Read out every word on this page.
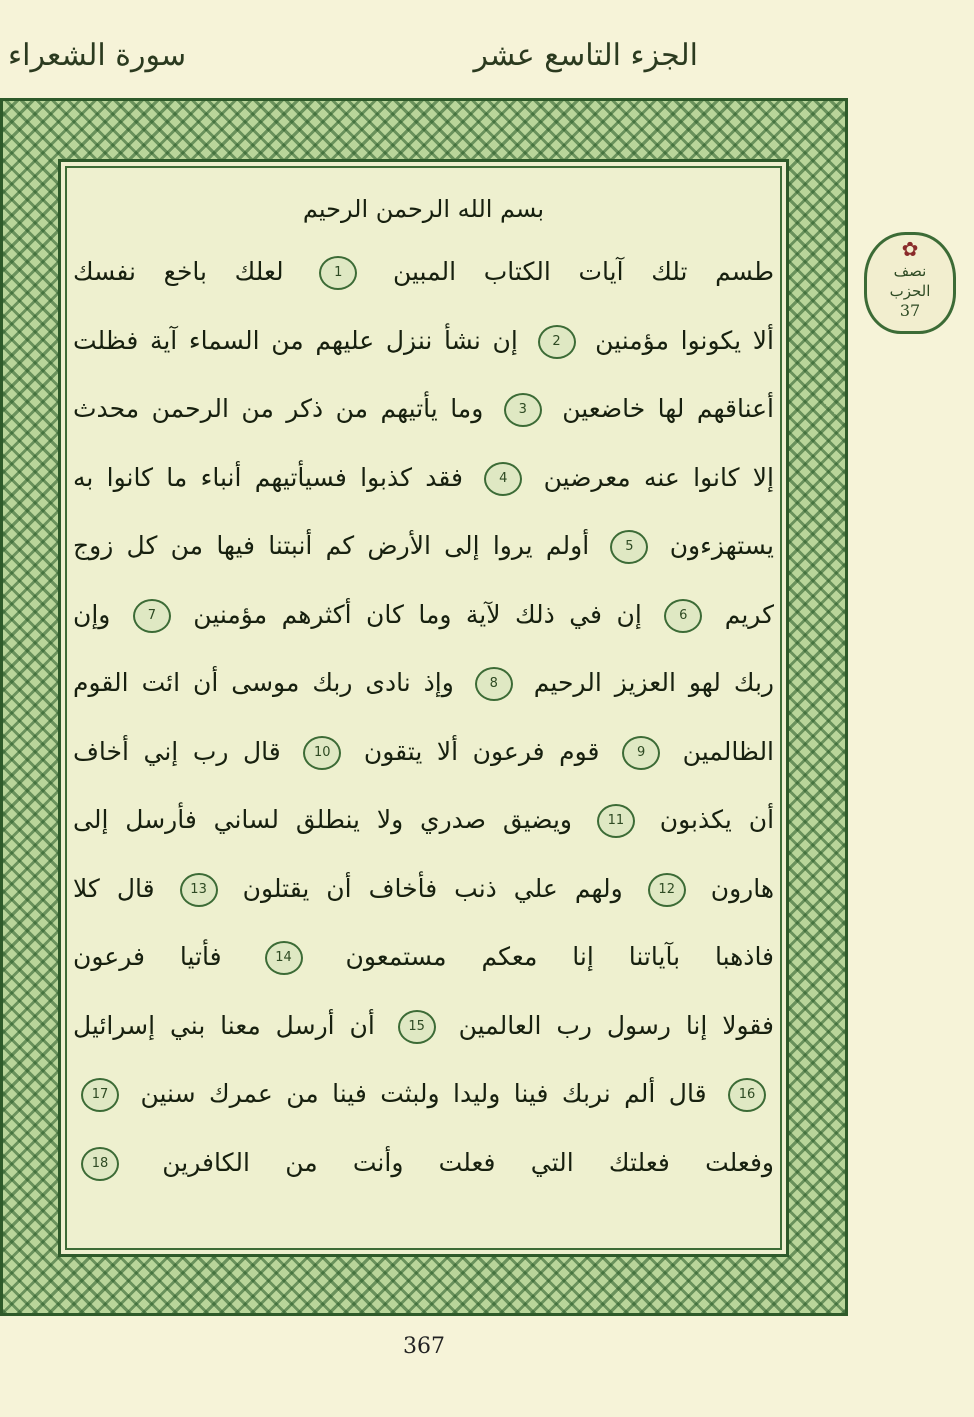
سورة الشعراء	الجزء التاسع عشر
بسم الله الرحمن الرحيم
طسم تلك آيات الكتاب المبين 1 لعلك باخع نفسك
ألا يكونوا مؤمنين 2 إن نشأ ننزل عليهم من السماء آية فظلت
أعناقهم لها خاضعين 3 وما يأتيهم من ذكر من الرحمن محدث
إلا كانوا عنه معرضين 4 فقد كذبوا فسيأتيهم أنباء ما كانوا به
يستهزءون 5 أولم يروا إلى الأرض كم أنبتنا فيها من كل زوج
كريم 6 إن في ذلك لآية وما كان أكثرهم مؤمنين 7 وإن
ربك لهو العزيز الرحيم 8 وإذ نادى ربك موسى أن ائت القوم
الظالمين 9 قوم فرعون ألا يتقون 10 قال رب إني أخاف
أن يكذبون 11 ويضيق صدري ولا ينطلق لساني فأرسل إلى
هارون 12 ولهم علي ذنب فأخاف أن يقتلون 13 قال كلا
فاذهبا بآياتنا إنا معكم مستمعون 14 فأتيا فرعون
فقولا إنا رسول رب العالمين 15 أن أرسل معنا بني إسرائيل
16 قال ألم نربك فينا وليدا ولبثت فينا من عمرك سنين 17
وفعلت فعلتك التي فعلت وأنت من الكافرين 18
✿
نصف
الحزب
37
367
